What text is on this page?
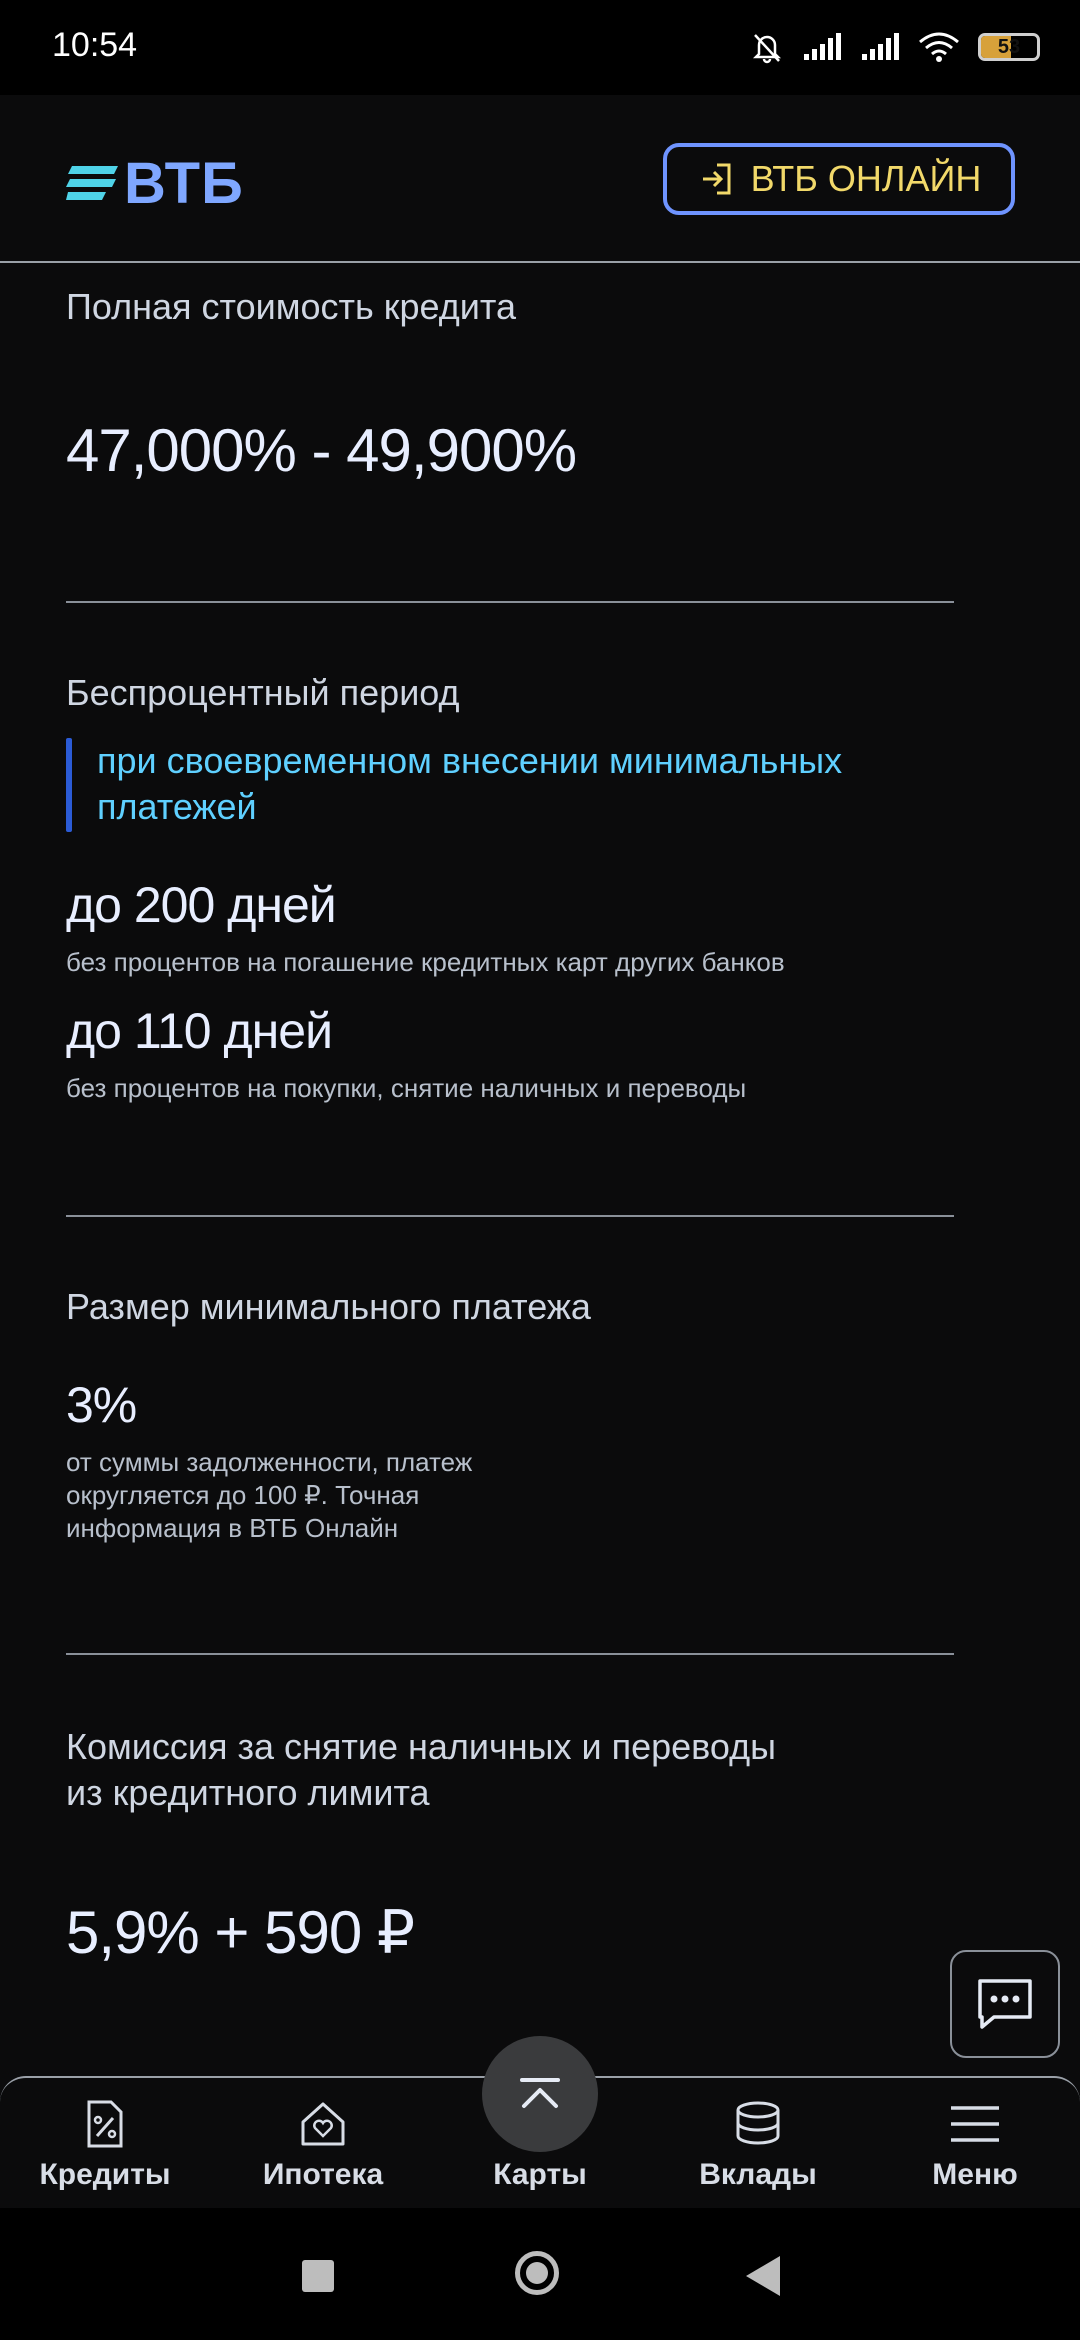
10:54	53
ВТБ	ВТБ ОНЛАЙН
Полная стоимость кредита
47,000% - 49,900%
Беспроцентный период
при своевременном внесении минимальных
платежей
до 200 дней
без процентов на погашение кредитных карт других банков
до 110 дней
без процентов на покупки, снятие наличных и переводы
Размер минимального платежа
3%
от суммы задолженности, платеж
округляется до 100 ₽. Точная
информация в ВТБ Онлайн
Комиссия за снятие наличных и переводы
из кредитного лимита
5,9% + 590 ₽
Кредиты	Ипотека	Карты	Вклады	Меню
